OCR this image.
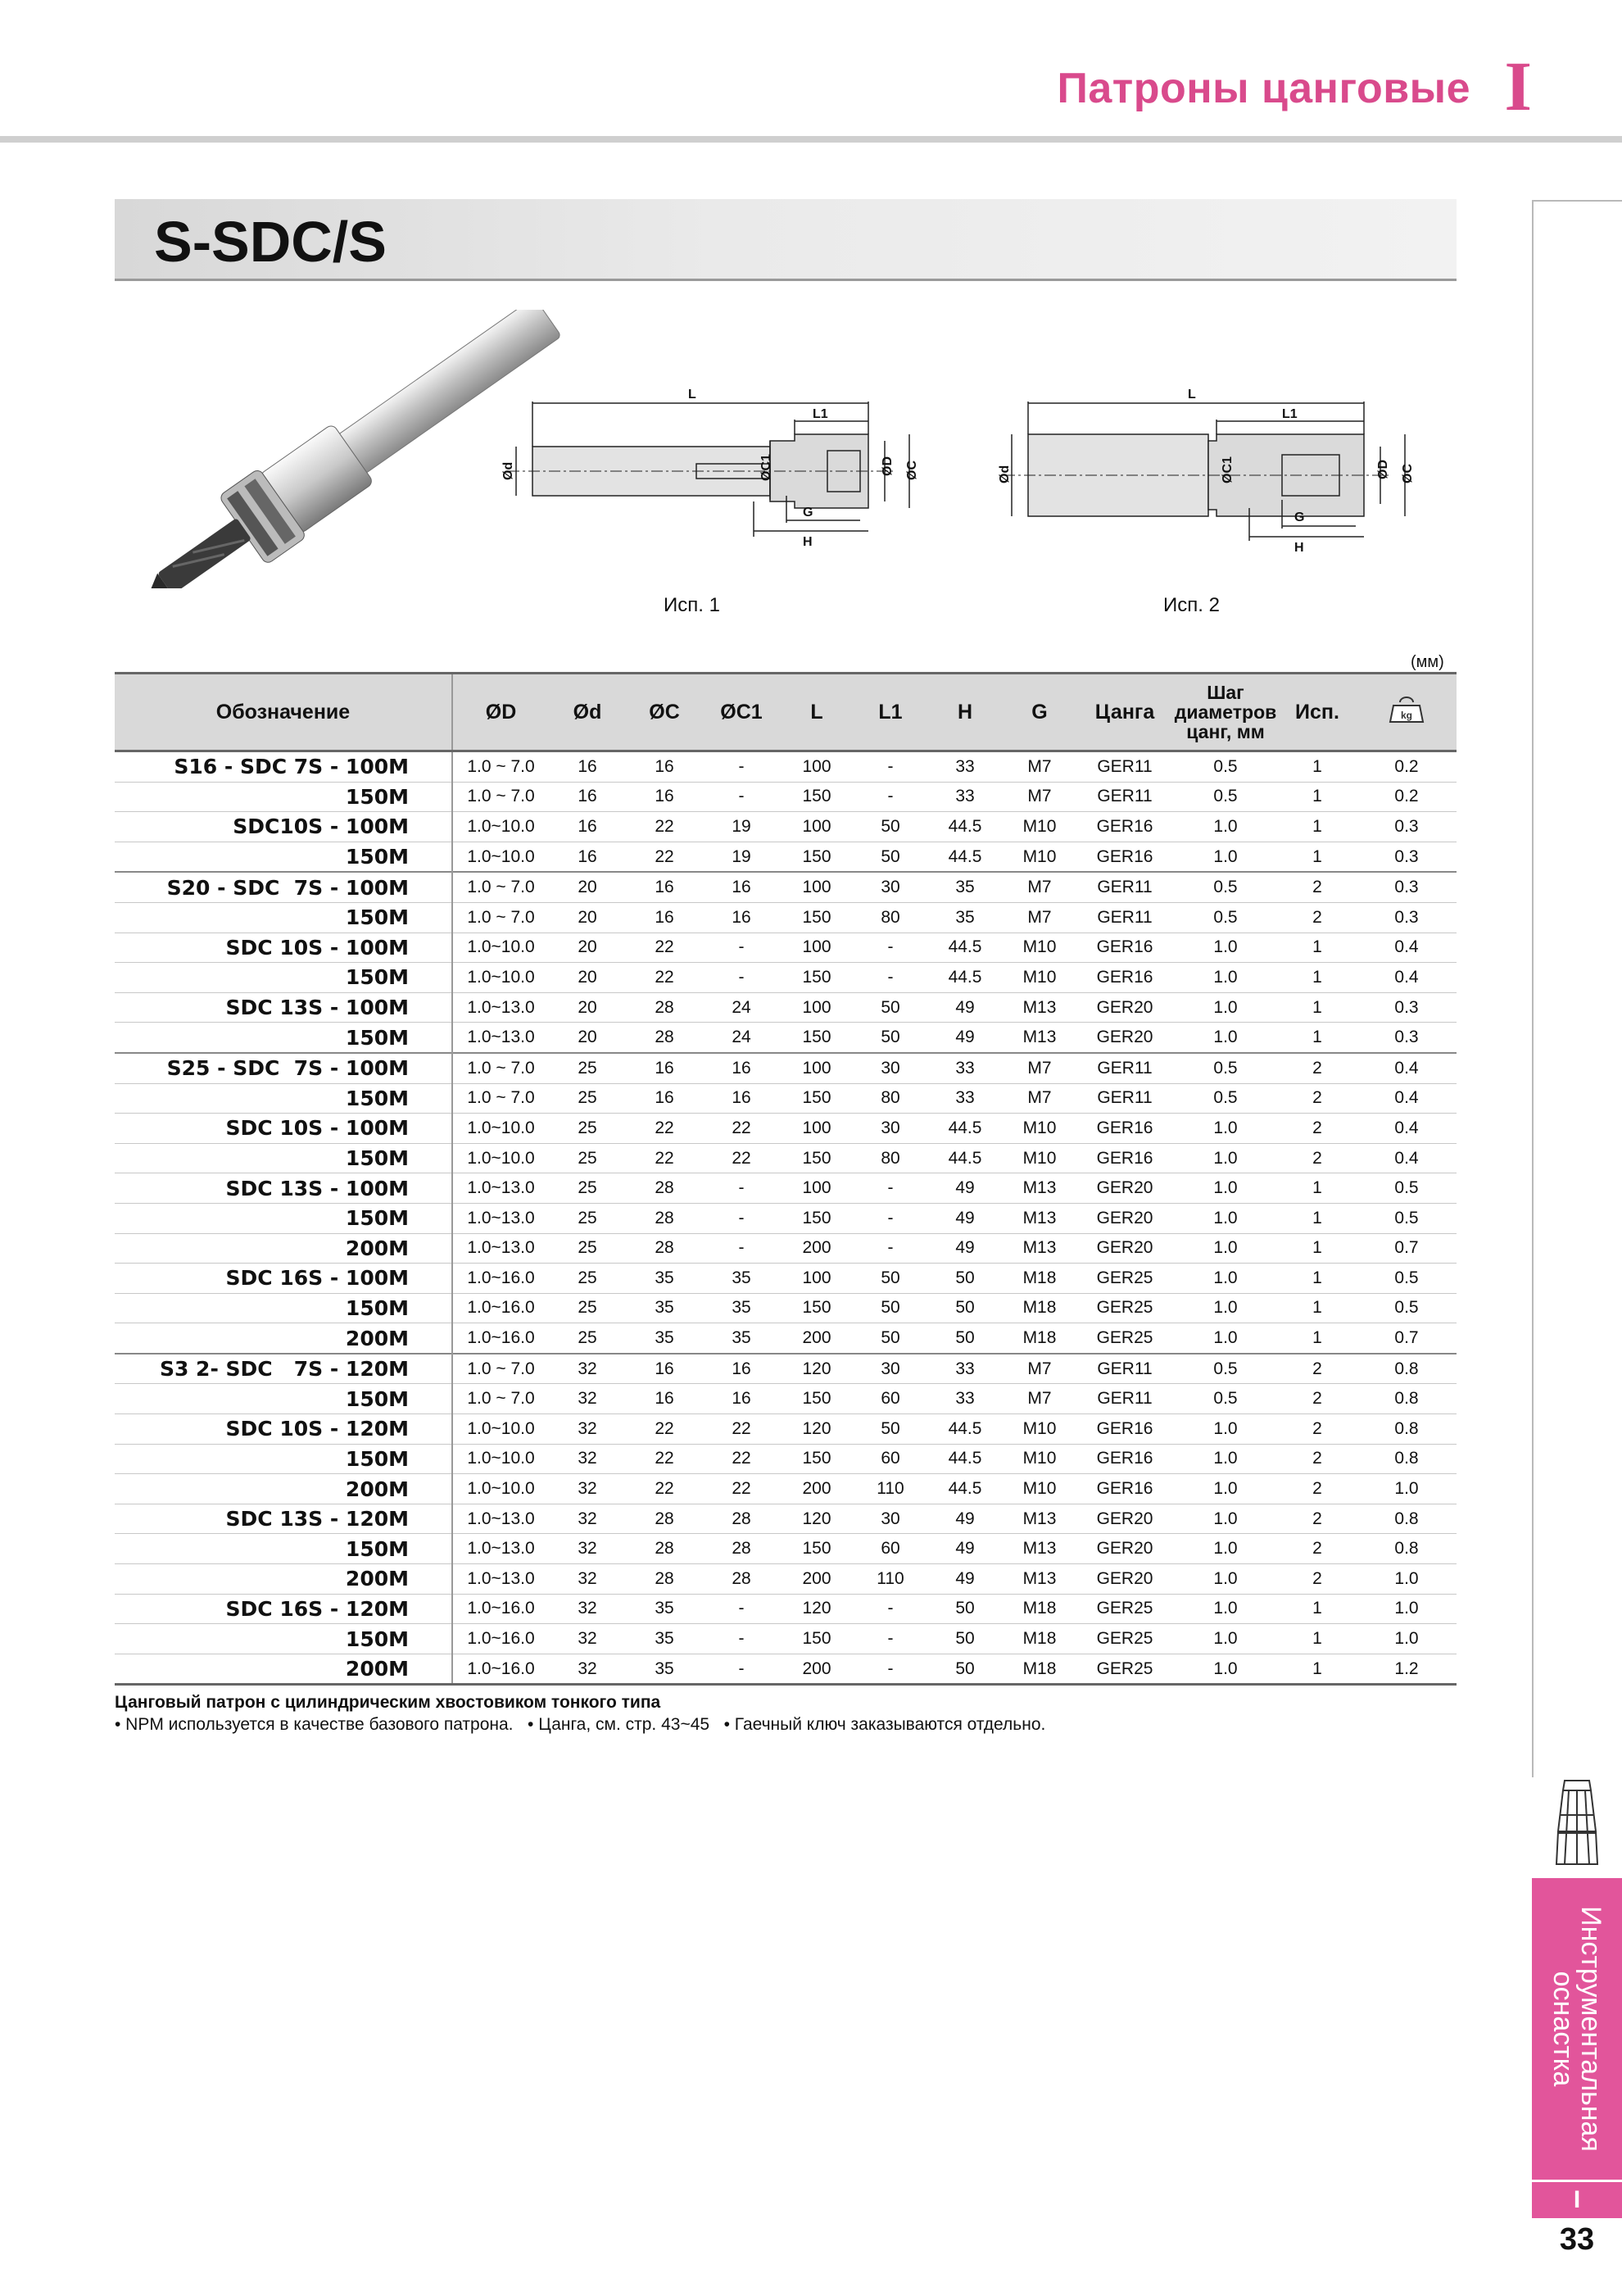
Патроны цанговые I
Инструментальная
оснастка
I
33
S-SDC/S
L
L1
Ød	ØC1	ØD ØC
G
H
L
L1
Ød	ØC1	ØD ØC
G
H
Исп. 1	Исп. 2
(мм)
Обозначение	ØD	Ød	ØC	ØC1	L	L1	H	G	Цанга	Шаг диаметров цанг, мм	Исп.	kg

S16 - SDC 7S - 100M	1.0 ~ 7.0	16	16	-	100	-	33	M7	GER11	0.5	1	0.2
150M	1.0 ~ 7.0	16	16	-	150	-	33	M7	GER11	0.5	1	0.2
SDC10S - 100M	1.0~10.0	16	22	19	100	50	44.5	M10	GER16	1.0	1	0.3
150M	1.0~10.0	16	22	19	150	50	44.5	M10	GER16	1.0	1	0.3
S20 - SDC  7S - 100M	1.0 ~ 7.0	20	16	16	100	30	35	M7	GER11	0.5	2	0.3
150M	1.0 ~ 7.0	20	16	16	150	80	35	M7	GER11	0.5	2	0.3
SDC 10S - 100M	1.0~10.0	20	22	-	100	-	44.5	M10	GER16	1.0	1	0.4
150M	1.0~10.0	20	22	-	150	-	44.5	M10	GER16	1.0	1	0.4
SDC 13S - 100M	1.0~13.0	20	28	24	100	50	49	M13	GER20	1.0	1	0.3
150M	1.0~13.0	20	28	24	150	50	49	M13	GER20	1.0	1	0.3
S25 - SDC  7S - 100M	1.0 ~ 7.0	25	16	16	100	30	33	M7	GER11	0.5	2	0.4
150M	1.0 ~ 7.0	25	16	16	150	80	33	M7	GER11	0.5	2	0.4
SDC 10S - 100M	1.0~10.0	25	22	22	100	30	44.5	M10	GER16	1.0	2	0.4
150M	1.0~10.0	25	22	22	150	80	44.5	M10	GER16	1.0	2	0.4
SDC 13S - 100M	1.0~13.0	25	28	-	100	-	49	M13	GER20	1.0	1	0.5
150M	1.0~13.0	25	28	-	150	-	49	M13	GER20	1.0	1	0.5
200M	1.0~13.0	25	28	-	200	-	49	M13	GER20	1.0	1	0.7
SDC 16S - 100M	1.0~16.0	25	35	35	100	50	50	M18	GER25	1.0	1	0.5
150M	1.0~16.0	25	35	35	150	50	50	M18	GER25	1.0	1	0.5
200M	1.0~16.0	25	35	35	200	50	50	M18	GER25	1.0	1	0.7
S3 2- SDC   7S - 120M	1.0 ~ 7.0	32	16	16	120	30	33	M7	GER11	0.5	2	0.8
150M	1.0 ~ 7.0	32	16	16	150	60	33	M7	GER11	0.5	2	0.8
SDC 10S - 120M	1.0~10.0	32	22	22	120	50	44.5	M10	GER16	1.0	2	0.8
150M	1.0~10.0	32	22	22	150	60	44.5	M10	GER16	1.0	2	0.8
200M	1.0~10.0	32	22	22	200	110	44.5	M10	GER16	1.0	2	1.0
SDC 13S - 120M	1.0~13.0	32	28	28	120	30	49	M13	GER20	1.0	2	0.8
150M	1.0~13.0	32	28	28	150	60	49	M13	GER20	1.0	2	0.8
200M	1.0~13.0	32	28	28	200	110	49	M13	GER20	1.0	2	1.0
SDC 16S - 120M	1.0~16.0	32	35	-	120	-	50	M18	GER25	1.0	1	1.0
150M	1.0~16.0	32	35	-	150	-	50	M18	GER25	1.0	1	1.0
200M	1.0~16.0	32	35	-	200	-	50	M18	GER25	1.0	1	1.2
Цанговый патрон с цилиндрическим хвостовиком тонкого типа
• NPM используется в качестве базового патрона.   • Цанга, см. стр. 43~45   • Гаечный ключ заказываются отдельно.
